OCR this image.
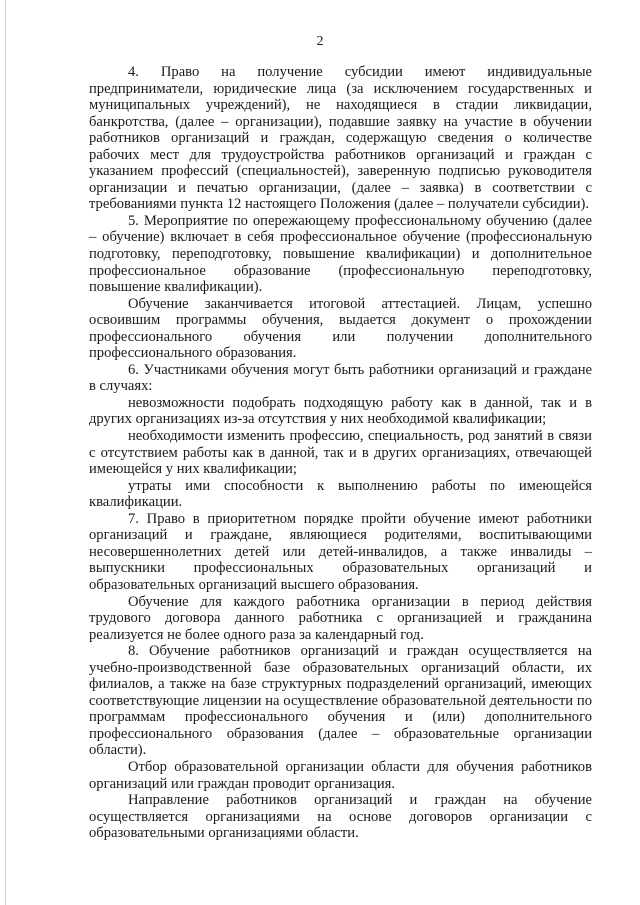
2

4. Право на получение субсидии имеют индивидуальные предприниматели, юридические лица (за исключением государственных и муниципальных учреждений), не находящиеся в стадии ликвидации, банкротства, (далее – организации), подавшие заявку на участие в обучении работников организаций и граждан, содержащую сведения о количестве рабочих мест для трудоустройства работников организаций и граждан с указанием профессий (специальностей), заверенную подписью руководителя организации и печатью организации, (далее – заявка) в соответствии с требованиями пункта 12 настоящего Положения (далее – получатели субсидии).

5. Мероприятие по опережающему профессиональному обучению (далее – обучение) включает в себя профессиональное обучение (профессиональную подготовку, переподготовку, повышение квалификации) и дополнительное профессиональное образование (профессиональную переподготовку, повышение квалификации).

Обучение заканчивается итоговой аттестацией. Лицам, успешно освоившим программы обучения, выдается документ о прохождении профессионального обучения или получении дополнительного профессионального образования.

6. Участниками обучения могут быть работники организаций и граждане в случаях:

невозможности подобрать подходящую работу как в данной, так и в других организациях из-за отсутствия у них необходимой квалификации;

необходимости изменить профессию, специальность, род занятий в связи с отсутствием работы как в данной, так и в других организациях, отвечающей имеющейся у них квалификации;

утраты ими способности к выполнению работы по имеющейся квалификации.

7. Право в приоритетном порядке пройти обучение имеют работники организаций и граждане, являющиеся родителями, воспитывающими несовершеннолетних детей или детей-инвалидов, а также инвалиды – выпускники профессиональных образовательных организаций и образовательных организаций высшего образования.

Обучение для каждого работника организации в период действия трудового договора данного работника с организацией и гражданина реализуется не более одного раза за календарный год.

8. Обучение работников организаций и граждан осуществляется на учебно-производственной базе образовательных организаций области, их филиалов, а также на базе структурных подразделений организаций, имеющих соответствующие лицензии на осуществление образовательной деятельности по программам профессионального обучения и (или) дополнительного профессионального образования (далее – образовательные организации области).

Отбор образовательной организации области для обучения работников организаций или граждан проводит организация.

Направление работников организаций и граждан на обучение осуществляется организациями на основе договоров организации с образовательными организациями области.
